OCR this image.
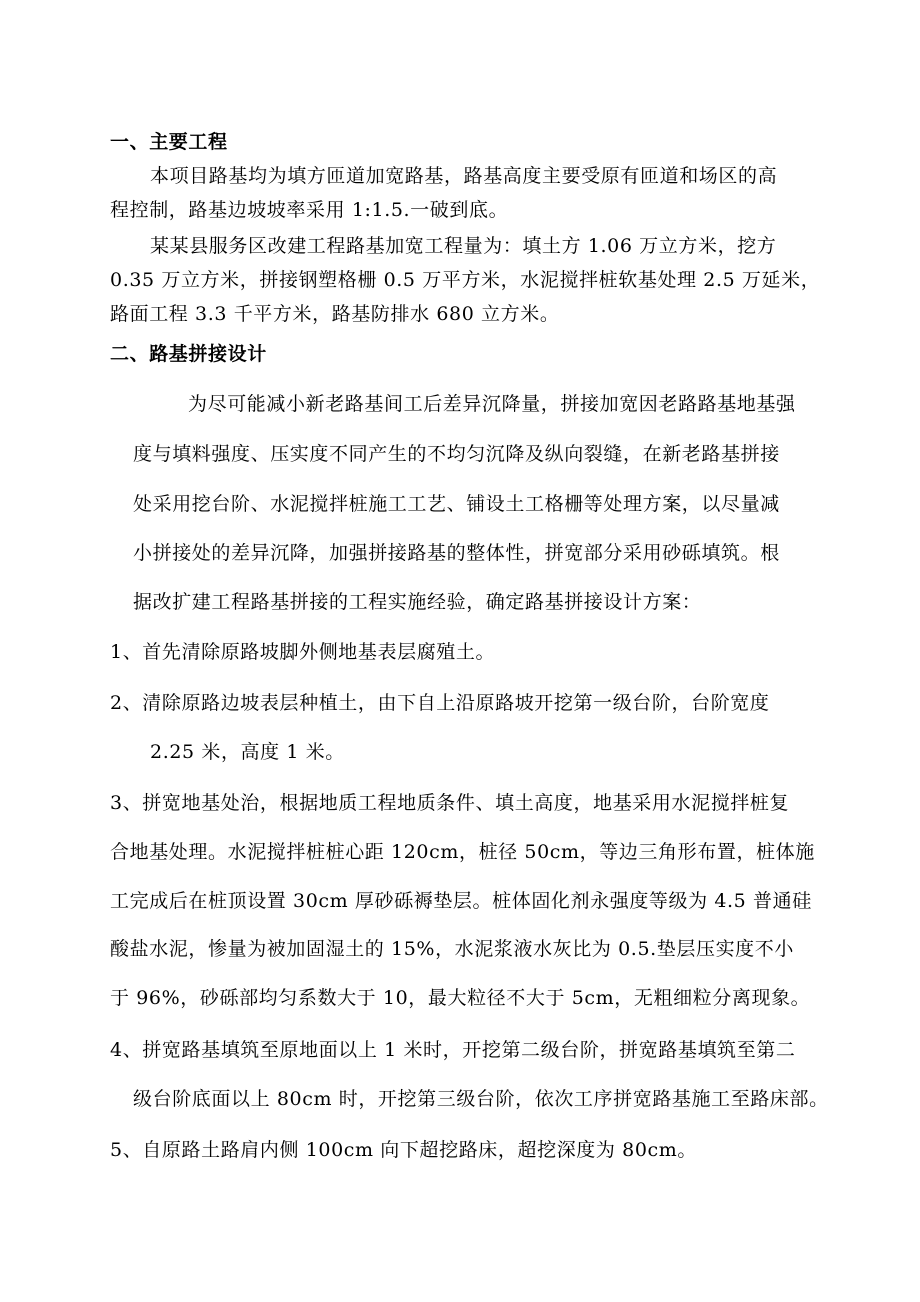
一、主要工程
本项目路基均为填方匝道加宽路基，路基高度主要受原有匝道和场区的高
程控制，路基边坡坡率采用 1:1.5.一破到底。
某某县服务区改建工程路基加宽工程量为：填土方 1.06 万立方米，挖方
0.35 万立方米，拼接钢塑格栅 0.5 万平方米，水泥搅拌桩软基处理 2.5 万延米，
路面工程 3.3 千平方米，路基防排水 680 立方米。
二、路基拼接设计
为尽可能减小新老路基间工后差异沉降量，拼接加宽因老路路基地基强
度与填料强度、压实度不同产生的不均匀沉降及纵向裂缝，在新老路基拼接
处采用挖台阶、水泥搅拌桩施工工艺、铺设土工格栅等处理方案，以尽量减
小拼接处的差异沉降，加强拼接路基的整体性，拼宽部分采用砂砾填筑。根
据改扩建工程路基拼接的工程实施经验，确定路基拼接设计方案：
1、首先清除原路坡脚外侧地基表层腐殖土。
2、清除原路边坡表层种植土，由下自上沿原路坡开挖第一级台阶，台阶宽度
2.25 米，高度 1 米。
3、拼宽地基处治，根据地质工程地质条件、填土高度，地基采用水泥搅拌桩复
合地基处理。水泥搅拌桩桩心距 120cm，桩径 50cm，等边三角形布置，桩体施
工完成后在桩顶设置 30cm 厚砂砾褥垫层。桩体固化剂永强度等级为 4.5 普通硅
酸盐水泥，惨量为被加固湿土的 15%，水泥浆液水灰比为 0.5.垫层压实度不小
于 96%，砂砾部均匀系数大于 10，最大粒径不大于 5cm，无粗细粒分离现象。
4、拼宽路基填筑至原地面以上 1 米时，开挖第二级台阶，拼宽路基填筑至第二
级台阶底面以上 80cm 时，开挖第三级台阶，依次工序拼宽路基施工至路床部。
5、自原路土路肩内侧 100cm 向下超挖路床，超挖深度为 80cm。
